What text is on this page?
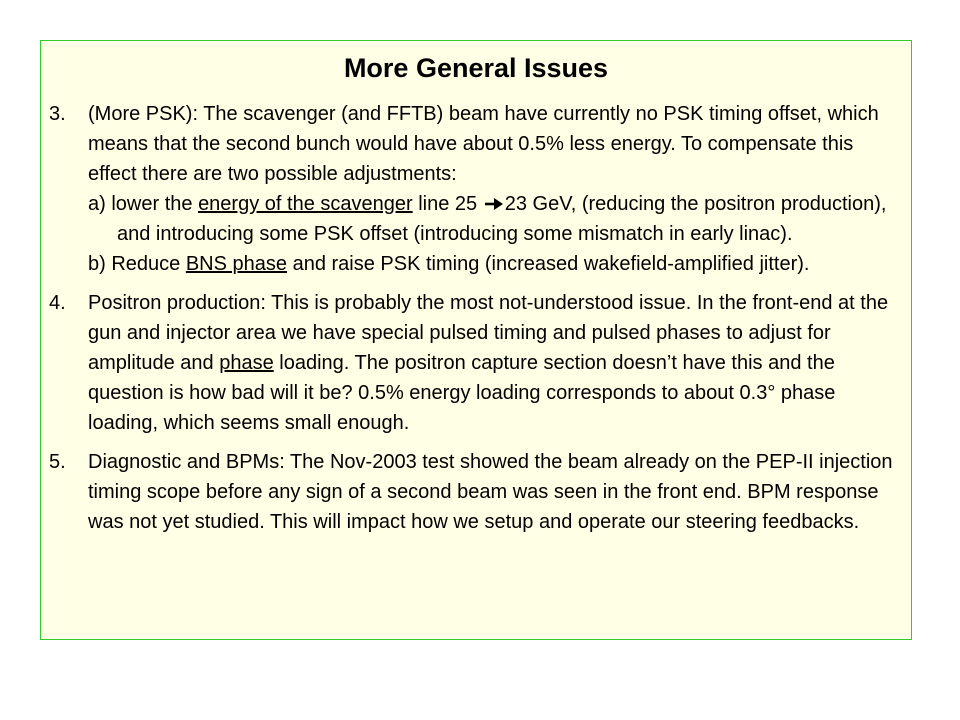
More General Issues
3. (More PSK): The scavenger (and FFTB) beam have currently no PSK timing offset, which means that the second bunch would have about 0.5% less energy. To compensate this effect there are two possible adjustments:
a) lower the energy of the scavenger line 25 23 GeV, (reducing the positron production), and introducing some PSK offset (introducing some mismatch in early linac).
b) Reduce BNS phase and raise PSK timing (increased wakefield-amplified jitter).
4. Positron production: This is probably the most not-understood issue. In the front-end at the gun and injector area we have special pulsed timing and pulsed phases to adjust for amplitude and phase loading. The positron capture section doesn’t have this and the question is how bad will it be? 0.5% energy loading corresponds to about 0.3° phase loading, which seems small enough.
5. Diagnostic and BPMs: The Nov-2003 test showed the beam already on the PEP-II injection timing scope before any sign of a second beam was seen in the front end. BPM response was not yet studied. This will impact how we setup and operate our steering feedbacks.
